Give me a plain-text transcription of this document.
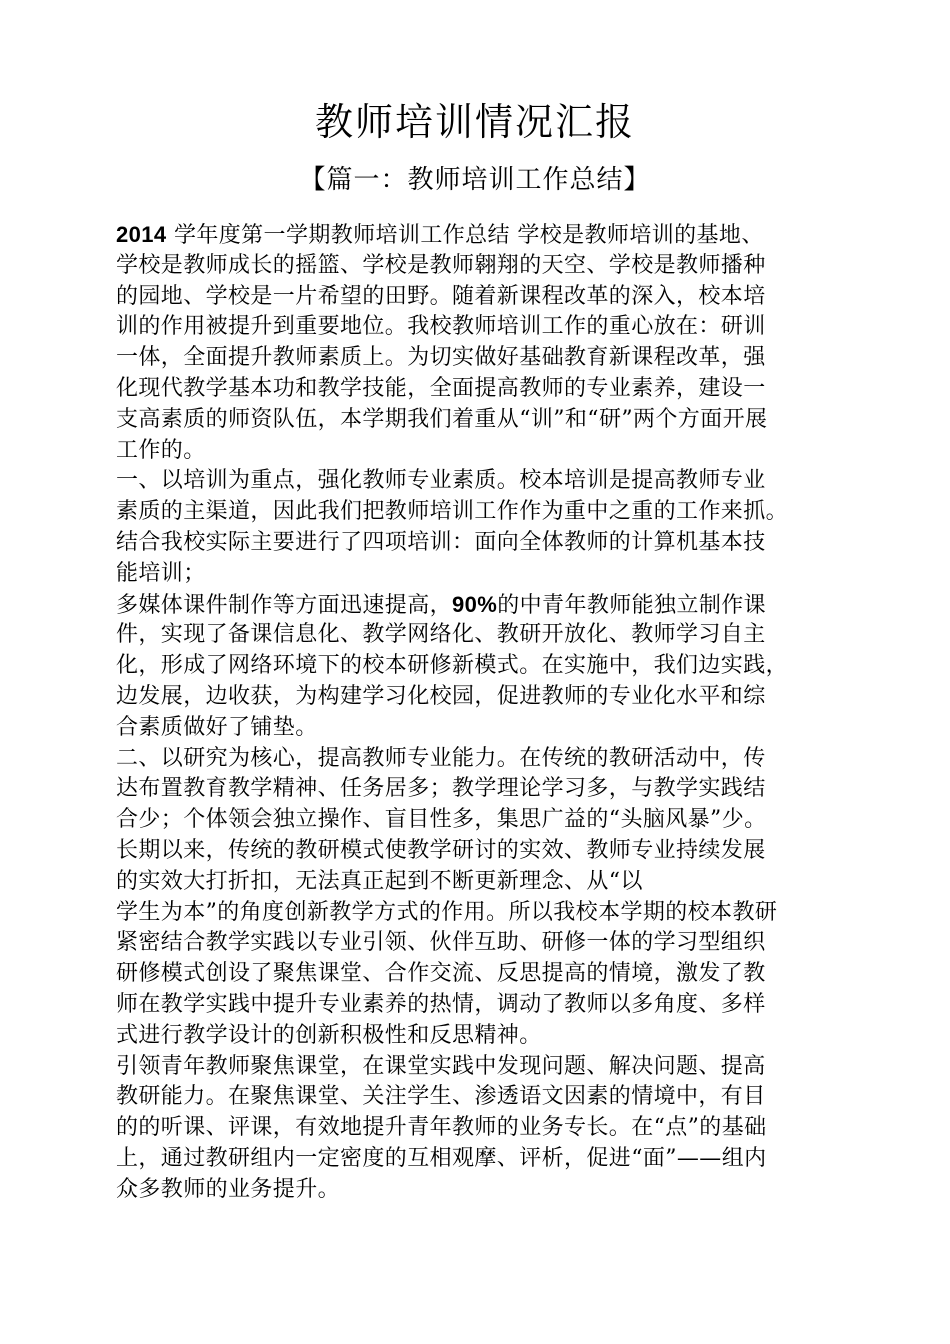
教师培训情况汇报
【篇一：教师培训工作总结】
2014 学年度第一学期教师培训工作总结 学校是教师培训的基地、
学校是教师成长的摇篮、学校是教师翱翔的天空、学校是教师播种
的园地、学校是一片希望的田野。随着新课程改革的深入，校本培
训的作用被提升到重要地位。我校教师培训工作的重心放在：研训
一体，全面提升教师素质上。为切实做好基础教育新课程改革，强
化现代教学基本功和教学技能，全面提高教师的专业素养，建设一
支高素质的师资队伍，本学期我们着重从“训”和“研”两个方面开展
工作的。
一、以培训为重点，强化教师专业素质。校本培训是提高教师专业
素质的主渠道，因此我们把教师培训工作作为重中之重的工作来抓。
结合我校实际主要进行了四项培训：面向全体教师的计算机基本技
能培训；
多媒体课件制作等方面迅速提高，90%的中青年教师能独立制作课
件，实现了备课信息化、教学网络化、教研开放化、教师学习自主
化，形成了网络环境下的校本研修新模式。在实施中，我们边实践，
边发展，边收获，为构建学习化校园，促进教师的专业化水平和综
合素质做好了铺垫。
二、以研究为核心，提高教师专业能力。在传统的教研活动中，传
达布置教育教学精神、任务居多；教学理论学习多，与教学实践结
合少；个体领会独立操作、盲目性多，集思广益的“头脑风暴”少。
长期以来，传统的教研模式使教学研讨的实效、教师专业持续发展
的实效大打折扣，无法真正起到不断更新理念、从“以
学生为本”的角度创新教学方式的作用。所以我校本学期的校本教研
紧密结合教学实践以专业引领、伙伴互助、研修一体的学习型组织
研修模式创设了聚焦课堂、合作交流、反思提高的情境，激发了教
师在教学实践中提升专业素养的热情，调动了教师以多角度、多样
式进行教学设计的创新积极性和反思精神。
引领青年教师聚焦课堂，在课堂实践中发现问题、解决问题、提高
教研能力。在聚焦课堂、关注学生、渗透语文因素的情境中，有目
的的听课、评课，有效地提升青年教师的业务专长。在“点”的基础
上，通过教研组内一定密度的互相观摩、评析，促进“面”——组内
众多教师的业务提升。
